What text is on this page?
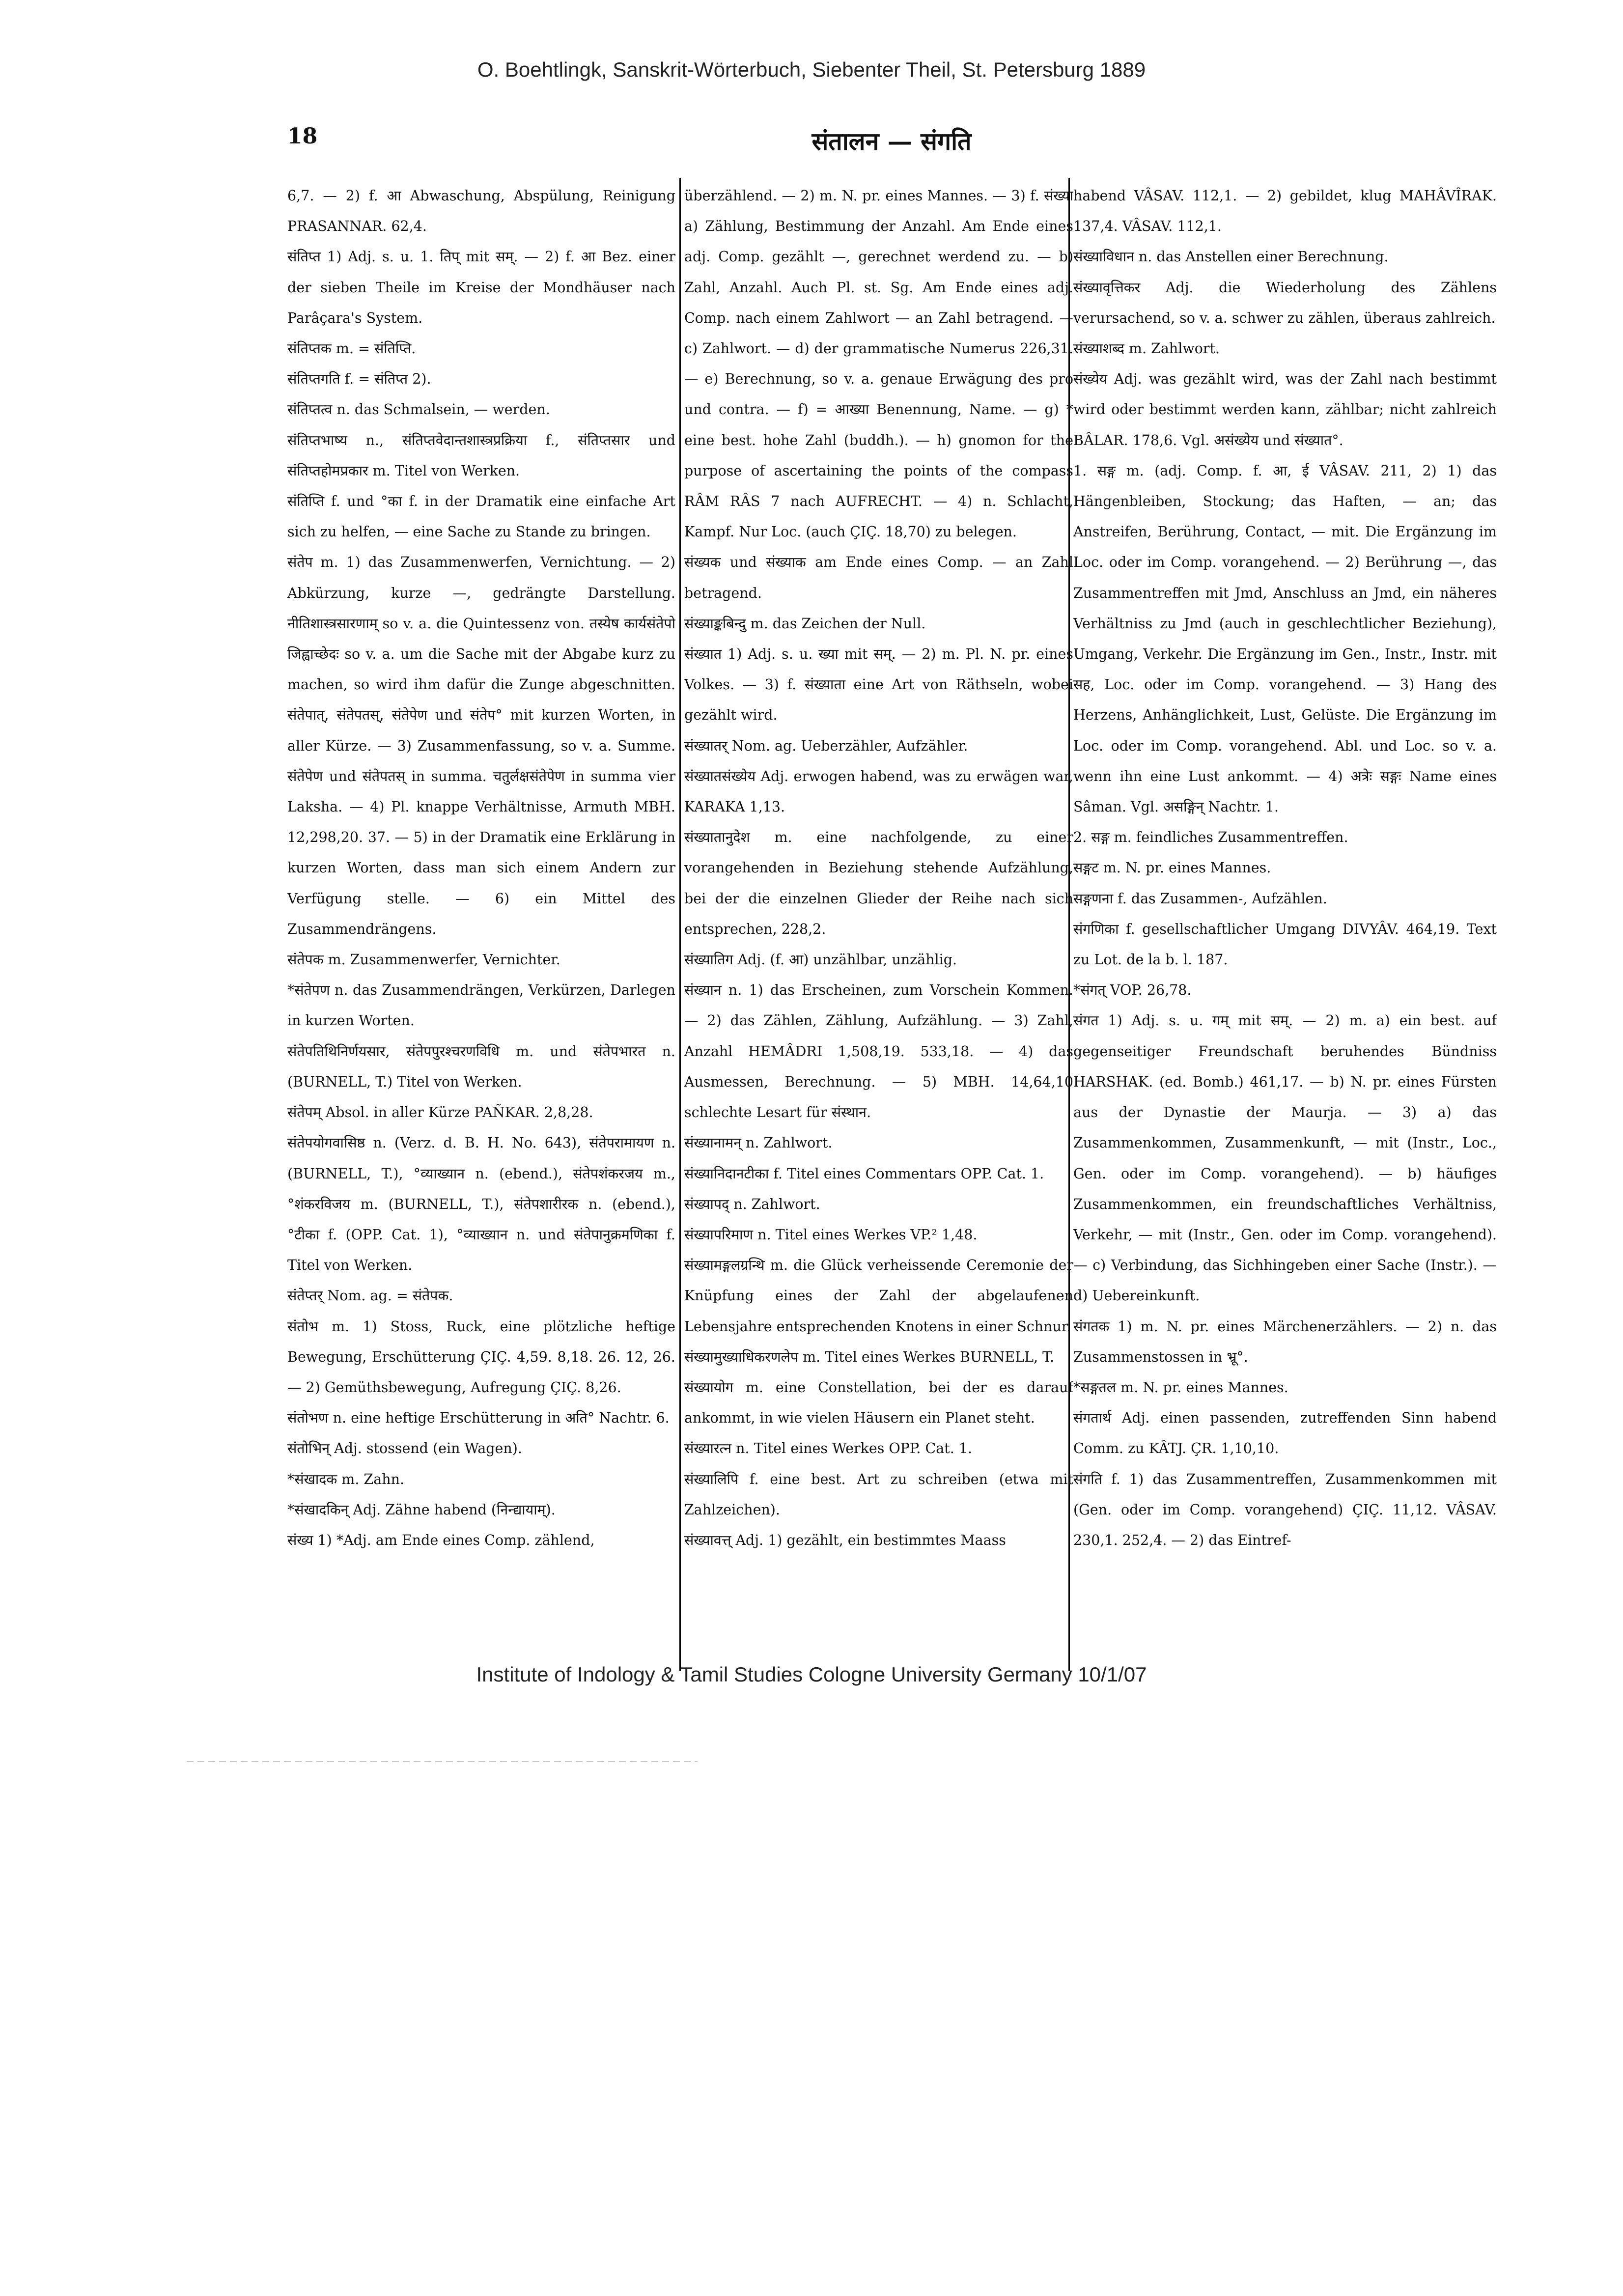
O. Boehtlingk, Sanskrit-Wörterbuch, Siebenter Theil, St. Petersburg 1889
18	संतालन — संगति

6,7. — 2) f. आ Abwaschung, Abspülung, Reinigung PRASANNAR. 62,4.

संतिप्त 1) Adj. s. u. 1. तिप् mit सम्. — 2) f. आ Bez. einer der sieben Theile im Kreise der Mondhäuser nach Parâçara's System.

संतिप्तक m. = संतिप्ति.

संतिप्तगति f. = संतिप्त 2).

संतिप्तत्व n. das Schmalsein, — werden.

संतिप्तभाष्य n., संतिप्तवेदान्तशास्त्रप्रक्रिया f., संतिप्तसार und संतिप्तहोमप्रकार m. Titel von Werken.

संतिप्ति f. und °का f. in der Dramatik eine einfache Art sich zu helfen, — eine Sache zu Stande zu bringen.

संतेप m. 1) das Zusammenwerfen, Vernichtung. — 2) Abkürzung, kurze —, gedrängte Darstellung. नीतिशास्त्रसारणाम् so v. a. die Quintessenz von. तस्येष कार्यसंतेपो जिह्वाच्छेदः so v. a. um die Sache mit der Abgabe kurz zu machen, so wird ihm dafür die Zunge abgeschnitten. संतेपात्, संतेपतस्, संतेपेण und संतेप° mit kurzen Worten, in aller Kürze. — 3) Zusammenfassung, so v. a. Summe. संतेपेण und संतेपतस् in summa. चतुर्लक्षसंतेपेण in summa vier Laksha. — 4) Pl. knappe Verhältnisse, Armuth MBH. 12,298,20. 37. — 5) in der Dramatik eine Erklärung in kurzen Worten, dass man sich einem Andern zur Verfügung stelle. — 6) ein Mittel des Zusammendrängens.

संतेपक m. Zusammenwerfer, Vernichter.

*संतेपण n. das Zusammendrängen, Verkürzen, Darlegen in kurzen Worten.

संतेपतिथिनिर्णयसार, संतेपपुरश्चरणविधि m. und संतेपभारत n. (BURNELL, T.) Titel von Werken.

संतेपम् Absol. in aller Kürze PAÑKAR. 2,8,28.

संतेपयोगवासिष्ठ n. (Verz. d. B. H. No. 643), संतेपरामायण n. (BURNELL, T.), °व्याख्यान n. (ebend.), संतेपशंकरजय m., °शंकरविजय m. (BURNELL, T.), संतेपशारीरक n. (ebend.), °टीका f. (OPP. Cat. 1), °व्याख्यान n. und संतेपानुक्रमणिका f. Titel von Werken.

संतेप्तर् Nom. ag. = संतेपक.

संतोभ m. 1) Stoss, Ruck, eine plötzliche heftige Bewegung, Erschütterung ÇIÇ. 4,59. 8,18. 26. 12, 26. — 2) Gemüthsbewegung, Aufregung ÇIÇ. 8,26.

संतोभण n. eine heftige Erschütterung in अति° Nachtr. 6.

संतोभिन् Adj. stossend (ein Wagen).

*संखादक m. Zahn.

*संखादकिन् Adj. Zähne habend (निन्द्यायाम्).

संख्य 1) *Adj. am Ende eines Comp. zählend,

überzählend. — 2) m. N. pr. eines Mannes. — 3) f. संख्या a) Zählung, Bestimmung der Anzahl. Am Ende eines adj. Comp. gezählt —, gerechnet werdend zu. — b) Zahl, Anzahl. Auch Pl. st. Sg. Am Ende eines adj. Comp. nach einem Zahlwort — an Zahl betragend. — c) Zahlwort. — d) der grammatische Numerus 226,31. — e) Berechnung, so v. a. genaue Erwägung des pro und contra. — f) = आख्या Benennung, Name. — g) * eine best. hohe Zahl (buddh.). — h) gnomon for the purpose of ascertaining the points of the compass RÂM RÂS 7 nach AUFRECHT. — 4) n. Schlacht, Kampf. Nur Loc. (auch ÇIÇ. 18,70) zu belegen.

संख्यक und संख्याक am Ende eines Comp. — an Zahl betragend.

संख्याङ्कबिन्दु m. das Zeichen der Null.

संख्यात 1) Adj. s. u. ख्या mit सम्. — 2) m. Pl. N. pr. eines Volkes. — 3) f. संख्याता eine Art von Räthseln, wobei gezählt wird.

संख्यातर् Nom. ag. Ueberzähler, Aufzähler.

संख्यातसंख्येय Adj. erwogen habend, was zu erwägen war, KARAKA 1,13.

संख्यातानुदेश m. eine nachfolgende, zu einer vorangehenden in Beziehung stehende Aufzählung, bei der die einzelnen Glieder der Reihe nach sich entsprechen, 228,2.

संख्यातिग Adj. (f. आ) unzählbar, unzählig.

संख्यान n. 1) das Erscheinen, zum Vorschein Kommen. — 2) das Zählen, Zählung, Aufzählung. — 3) Zahl, Anzahl HEMÂDRI 1,508,19. 533,18. — 4) das Ausmessen, Berechnung. — 5) MBH. 14,64,10 schlechte Lesart für संस्थान.

संख्यानामन् n. Zahlwort.

संख्यानिदानटीका f. Titel eines Commentars OPP. Cat. 1.

संख्यापद् n. Zahlwort.

संख्यापरिमाण n. Titel eines Werkes VP.² 1,48.

संख्यामङ्गलग्रन्थि m. die Glück verheissende Ceremonie der Knüpfung eines der Zahl der abgelaufenen Lebensjahre entsprechenden Knotens in einer Schnur.

संख्यामुख्याधिकरणलेप m. Titel eines Werkes BURNELL, T.

संख्यायोग m. eine Constellation, bei der es darauf ankommt, in wie vielen Häusern ein Planet steht.

संख्यारत्न n. Titel eines Werkes OPP. Cat. 1.

संख्यालिपि f. eine best. Art zu schreiben (etwa mit Zahlzeichen).

संख्यावत्त् Adj. 1) gezählt, ein bestimmtes Maass

habend VÂSAV. 112,1. — 2) gebildet, klug MAHÂVÎRAK. 137,4. VÂSAV. 112,1.

संख्याविधान n. das Anstellen einer Berechnung.

संख्यावृत्तिकर Adj. die Wiederholung des Zählens verursachend, so v. a. schwer zu zählen, überaus zahlreich.

संख्याशब्द m. Zahlwort.

संख्येय Adj. was gezählt wird, was der Zahl nach bestimmt wird oder bestimmt werden kann, zählbar; nicht zahlreich BÂLAR. 178,6. Vgl. असंख्येय und संख्यात°.

1. सङ्ग m. (adj. Comp. f. आ, ई VÂSAV. 211, 2) 1) das Hängenbleiben, Stockung; das Haften, — an; das Anstreifen, Berührung, Contact, — mit. Die Ergänzung im Loc. oder im Comp. vorangehend. — 2) Berührung —, das Zusammentreffen mit Jmd, Anschluss an Jmd, ein näheres Verhältniss zu Jmd (auch in geschlechtlicher Beziehung), Umgang, Verkehr. Die Ergänzung im Gen., Instr., Instr. mit सह, Loc. oder im Comp. vorangehend. — 3) Hang des Herzens, Anhänglichkeit, Lust, Gelüste. Die Ergänzung im Loc. oder im Comp. vorangehend. Abl. und Loc. so v. a. wenn ihn eine Lust ankommt. — 4) अत्रेः सङ्गः Name eines Sâman. Vgl. असङ्गिन् Nachtr. 1.

2. सङ्ग m. feindliches Zusammentreffen.

सङ्गट m. N. pr. eines Mannes.

सङ्गणना f. das Zusammen-, Aufzählen.

संगणिका f. gesellschaftlicher Umgang DIVYÂV. 464,19. Text zu Lot. de la b. l. 187.

*संगत् VOP. 26,78.

संगत 1) Adj. s. u. गम् mit सम्. — 2) m. a) ein best. auf gegenseitiger Freundschaft beruhendes Bündniss HARSHAK. (ed. Bomb.) 461,17. — b) N. pr. eines Fürsten aus der Dynastie der Maurja. — 3) a) das Zusammenkommen, Zusammenkunft, — mit (Instr., Loc., Gen. oder im Comp. vorangehend). — b) häufiges Zusammenkommen, ein freundschaftliches Verhältniss, Verkehr, — mit (Instr., Gen. oder im Comp. vorangehend). — c) Verbindung, das Sichhingeben einer Sache (Instr.). — d) Uebereinkunft.

संगतक 1) m. N. pr. eines Märchenerzählers. — 2) n. das Zusammenstossen in भ्रू°.

*सङ्गतल m. N. pr. eines Mannes.

संगतार्थ Adj. einen passenden, zutreffenden Sinn habend Comm. zu KÂTJ. ÇR. 1,10,10.

संगति f. 1) das Zusammentreffen, Zusammenkommen mit (Gen. oder im Comp. vorangehend) ÇIÇ. 11,12. VÂSAV. 230,1. 252,4. — 2) das Eintref-

Institute of Indology & Tamil Studies Cologne University Germany 10/1/07
